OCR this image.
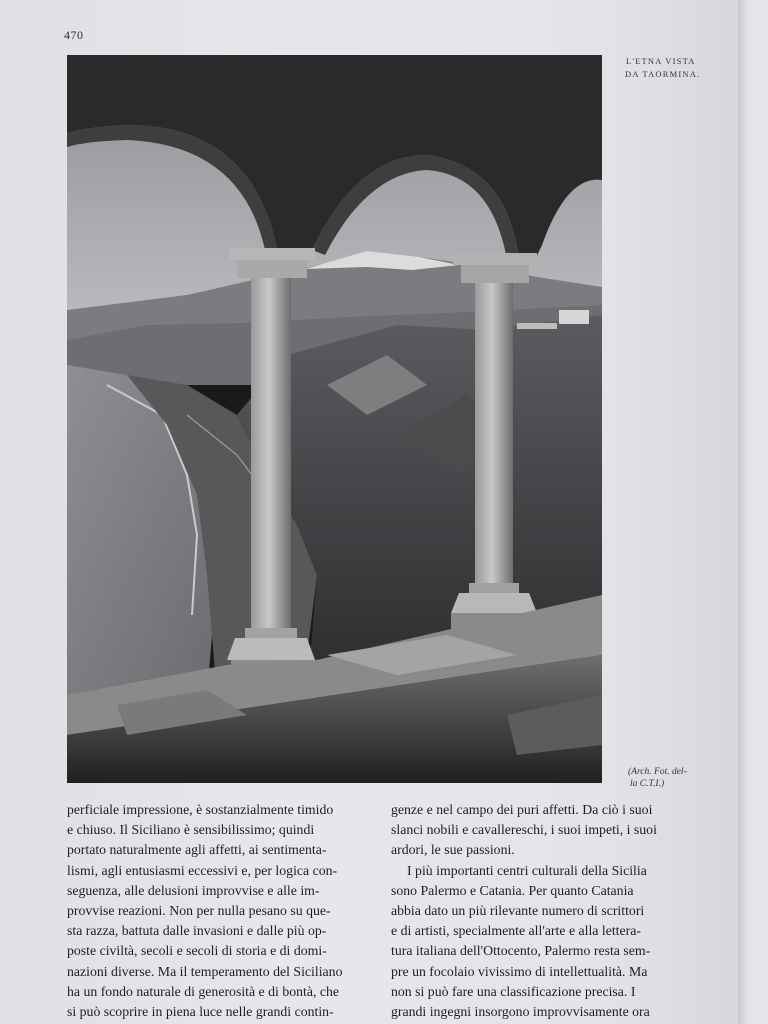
470
L'ETNA VISTA
DA TAORMINA.
(Arch. Fot. del-
la C.T.I.)
perficiale impressione, è sostanzialmente timido
e chiuso. Il Siciliano è sensibilissimo; quindi
portato naturalmente agli affetti, ai sentimenta-
lismi, agli entusiasmi eccessivi e, per logica con-
seguenza, alle delusioni improvvise e alle im-
provvise reazioni. Non per nulla pesano su que-
sta razza, battuta dalle invasioni e dalle più op-
poste civiltà, secoli e secoli di storia e di domi-
nazioni diverse. Ma il temperamento del Siciliano
ha un fondo naturale di generosità e di bontà, che
si può scoprire in piena luce nelle grandi contin-
genze e nel campo dei puri affetti. Da ciò i suoi
slanci nobili e cavallereschi, i suoi impeti, i suoi
ardori, le sue passioni.
I più importanti centri culturali della Sicilia
sono Palermo e Catania. Per quanto Catania
abbia dato un più rilevante numero di scrittori
e di artisti, specialmente all'arte e alla lettera-
tura italiana dell'Ottocento, Palermo resta sem-
pre un focolaio vivissimo di intellettualità. Ma
non si può fare una classificazione precisa. I
grandi ingegni insorgono improvvisamente ora
